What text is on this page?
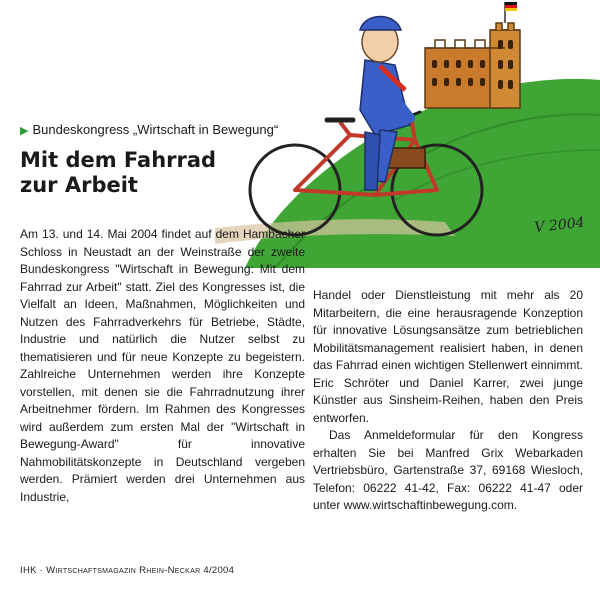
V 2004
▶ Bundeskongress „Wirtschaft in Bewegung“
Mit dem Fahrrad
zur Arbeit

Am 13. und 14. Mai 2004 findet auf dem Hambacher Schloss in Neustadt an der Weinstraße der zweite Bundeskongress "Wirtschaft in Bewegung: Mit dem Fahrrad zur Arbeit" statt. Ziel des Kongresses ist, die Vielfalt an Ideen, Maßnahmen, Möglichkeiten und Nutzen des Fahrradverkehrs für Betriebe, Städte, Industrie und natürlich die Nutzer selbst zu thematisieren und für neue Konzepte zu begeistern. Zahlreiche Unternehmen werden ihre Konzepte vorstellen, mit denen sie die Fahrradnutzung ihrer Arbeitnehmer fördern. Im Rahmen des Kongresses wird außerdem zum ersten Mal der "Wirtschaft in Bewegung-Award" für innovative Nahmobilitätskonzepte in Deutschland vergeben werden. Prämiert werden drei Unternehmen aus Industrie,

Handel oder Dienstleistung mit mehr als 20 Mitarbeitern, die eine herausragende Konzeption für innovative Lösungsansätze zum betrieblichen Mobilitätsmanagement realisiert haben, in denen das Fahrrad einen wichtigen Stellenwert einnimmt. Eric Schröter und Daniel Karrer, zwei junge Künstler aus Sinsheim-Reihen, haben den Preis entworfen.

Das Anmeldeformular für den Kongress erhalten Sie bei Manfred Grix Webarkaden Vertriebsbüro, Gartenstraße 37, 69168 Wiesloch, Telefon: 06222 41-42, Fax: 06222 41-47 oder unter www.wirtschaftinbewegung.com.

IHK · Wirtschaftsmagazin Rhein-Neckar 4/2004
